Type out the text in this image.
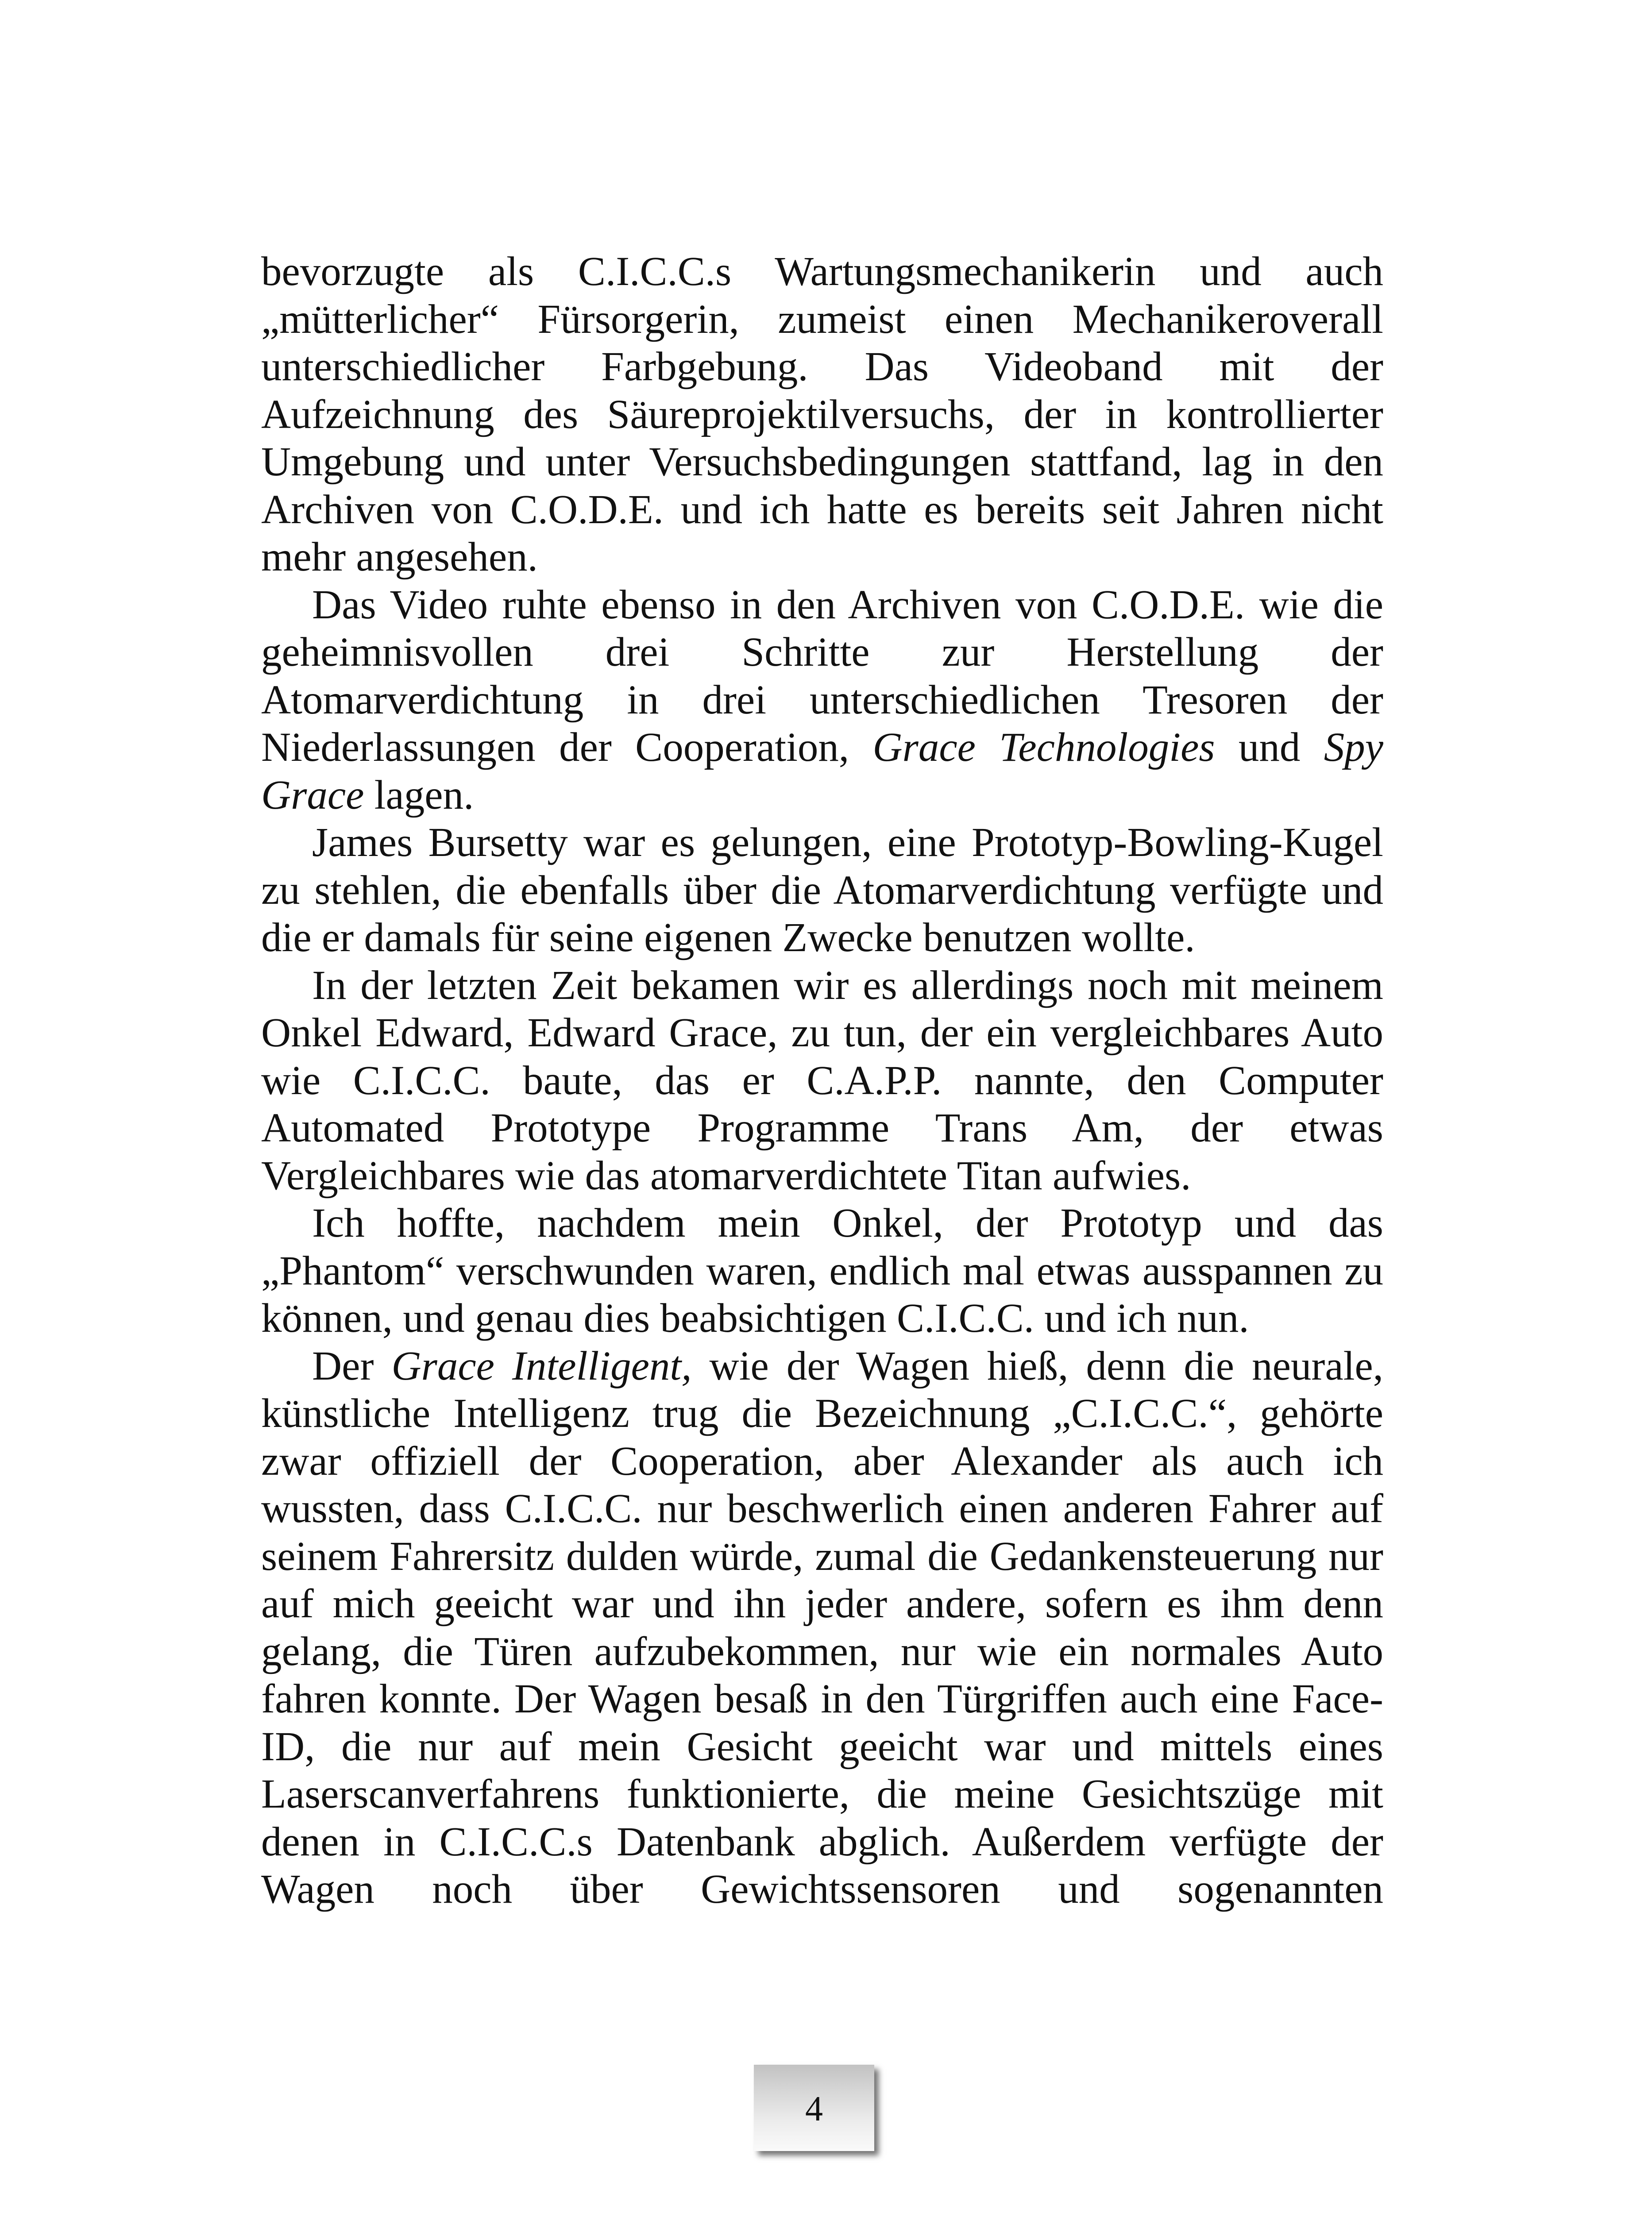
bevorzugte als C.I.C.C.s Wartungsmechanikerin und auch „mütterlicher“ Fürsorgerin, zumeist einen Mechanikeroverall unterschiedlicher Farbgebung. Das Videoband mit der Aufzeichnung des Säureprojektilversuchs, der in kontrollierter Umgebung und unter Versuchsbedingungen stattfand, lag in den Archiven von C.O.D.E. und ich hatte es bereits seit Jahren nicht mehr angesehen.

Das Video ruhte ebenso in den Archiven von C.O.D.E. wie die geheimnisvollen drei Schritte zur Herstellung der Atomarverdichtung in drei unterschiedlichen Tresoren der Niederlassungen der Cooperation, Grace Technologies und Spy Grace lagen.

James Bursetty war es gelungen, eine Prototyp-Bowling-Kugel zu stehlen, die ebenfalls über die Atomarverdichtung verfügte und die er damals für seine eigenen Zwecke benutzen wollte.

In der letzten Zeit bekamen wir es allerdings noch mit meinem Onkel Edward, Edward Grace, zu tun, der ein vergleichbares Auto wie C.I.C.C. baute, das er C.A.P.P. nannte, den Computer Automated Prototype Programme Trans Am, der etwas Vergleichbares wie das atomarverdichtete Titan aufwies.

Ich hoffte, nachdem mein Onkel, der Prototyp und das „Phantom“ verschwunden waren, endlich mal etwas ausspannen zu können, und genau dies beabsichtigen C.I.C.C. und ich nun.

Der Grace Intelligent, wie der Wagen hieß, denn die neurale, künstliche Intelligenz trug die Bezeichnung „C.I.C.C.“, gehörte zwar offiziell der Cooperation, aber Alexander als auch ich wussten, dass C.I.C.C. nur beschwerlich einen anderen Fahrer auf seinem Fahrersitz dulden würde, zumal die Gedankensteuerung nur auf mich geeicht war und ihn jeder andere, sofern es ihm denn gelang, die Türen aufzubekommen, nur wie ein normales Auto fahren konnte. Der Wagen besaß in den Türgriffen auch eine Face-ID, die nur auf mein Gesicht geeicht war und mittels eines Laserscanverfahrens funktionierte, die meine Gesichtszüge mit denen in C.I.C.C.s Datenbank abglich. Außerdem verfügte der Wagen noch über Gewichtssensoren und sogenannten

4
